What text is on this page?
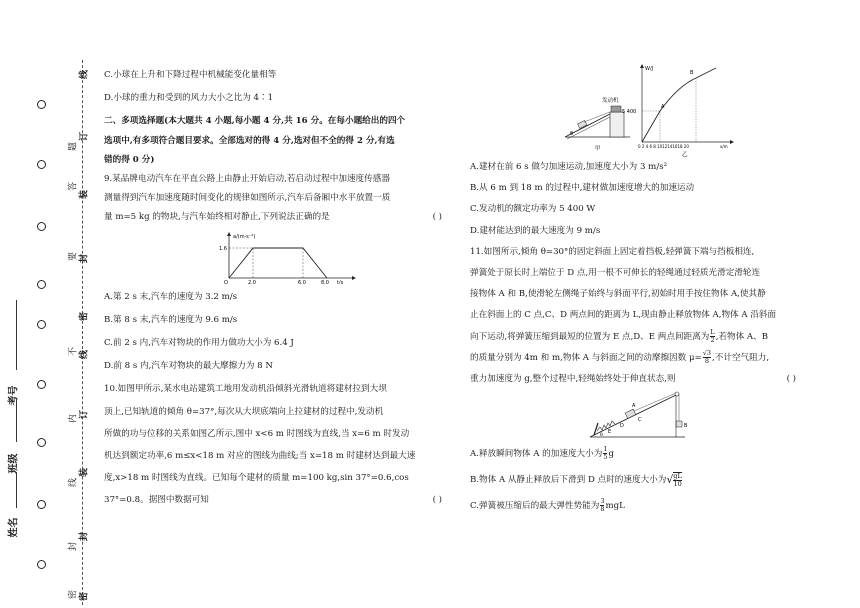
线
订
装
封
密
线
订
装
封
密
题
答
要
不
内
线
封
密
考号
班级
姓名
C.小球在上升和下降过程中机械能变化量相等
D.小球的重力和受到的风力大小之比为 4∶1
二、多项选择题(本大题共 4 小题,每小题 4 分,共 16 分。在每小题给出的四个
选项中,有多项符合题目要求。全部选对的得 4 分,选对但不全的得 2 分,有选
错的得 0 分)
9.某品牌电动汽车在平直公路上由静止开始启动,若启动过程中加速度传感器
测量得到汽车加速度随时间变化的规律如图所示,汽车后备厢中水平放置一质
量 m=5 kg 的物块,与汽车始终相对静止,下列说法正确的是	( )
a/(m·s⁻²)
1.6
O	2.0	6.0	8.0 t/s
A.第 2 s 末,汽车的速度为 3.2 m/s
B.第 8 s 末,汽车的速度为 9.6 m/s
C.前 2 s 内,汽车对物块的作用力做功大小为 6.4 J
D.前 8 s 内,汽车对物块的最大摩擦力为 8 N
10.如图甲所示,某水电站建筑工地用发动机沿倾斜光滑轨道将建材拉到大坝
顶上,已知轨道的倾角 θ=37°,每次从大坝底端向上拉建材的过程中,发动机
所做的功与位移的关系如图乙所示,图中 x<6 m 时图线为直线,当 x=6 m 时发动
机达到额定功率,6 m≤x<18 m 对应的图线为曲线;当 x=18 m 时建材达到最大速
度,x>18 m 时图线为直线。已知每个建材的质量 m=100 kg,sin 37°=0.6,cos
37°=0.8。据图中数据可知	( )
发动机
θ
甲
W/J
5 400
A
B
0 2 4 6 8 1012141618 20	x/m
乙
A.建材在前 6 s 做匀加速运动,加速度大小为 3 m/s²
B.从 6 m 到 18 m 的过程中,建材做加速度增大的加速运动
C.发动机的额定功率为 5 400 W
D.建材能达到的最大速度为 9 m/s
11.如图所示,倾角 θ=30°的固定斜面上固定着挡板,轻弹簧下端与挡板相连,
弹簧处于原长时上端位于 D 点,用一根不可伸长的轻绳通过轻质光滑定滑轮连
接物体 A 和 B,使滑轮左侧绳子始终与斜面平行,初始时用手按住物体 A,使其静
止在斜面上的 C 点,C、D 两点间的距离为 L,现由静止释放物体 A,物体 A 沿斜面
向下运动,将弹簧压缩到最短的位置为 E 点,D、E 两点间距离为 $\frac{L}{2}$ ,若物体 A、B
的质量分别为 4m 和 m,物体 A 与斜面之间的动摩擦因数 $\mu= \frac{√3}{8}$ ,不计空气阻力,
重力加速度为 g,整个过程中,轻绳始终处于伸直状态,则	( )
A
B
C
D
E
θ
A.释放瞬间物体 A 的加速度大小为 $\frac{1}{5}$ g
B.物体 A 从静止释放后下滑到 D 点时的速度大小为√ $\frac{gL}{10}$
C.弹簧被压缩后的最大弹性势能为 $\frac{3}{8}$ mgL
